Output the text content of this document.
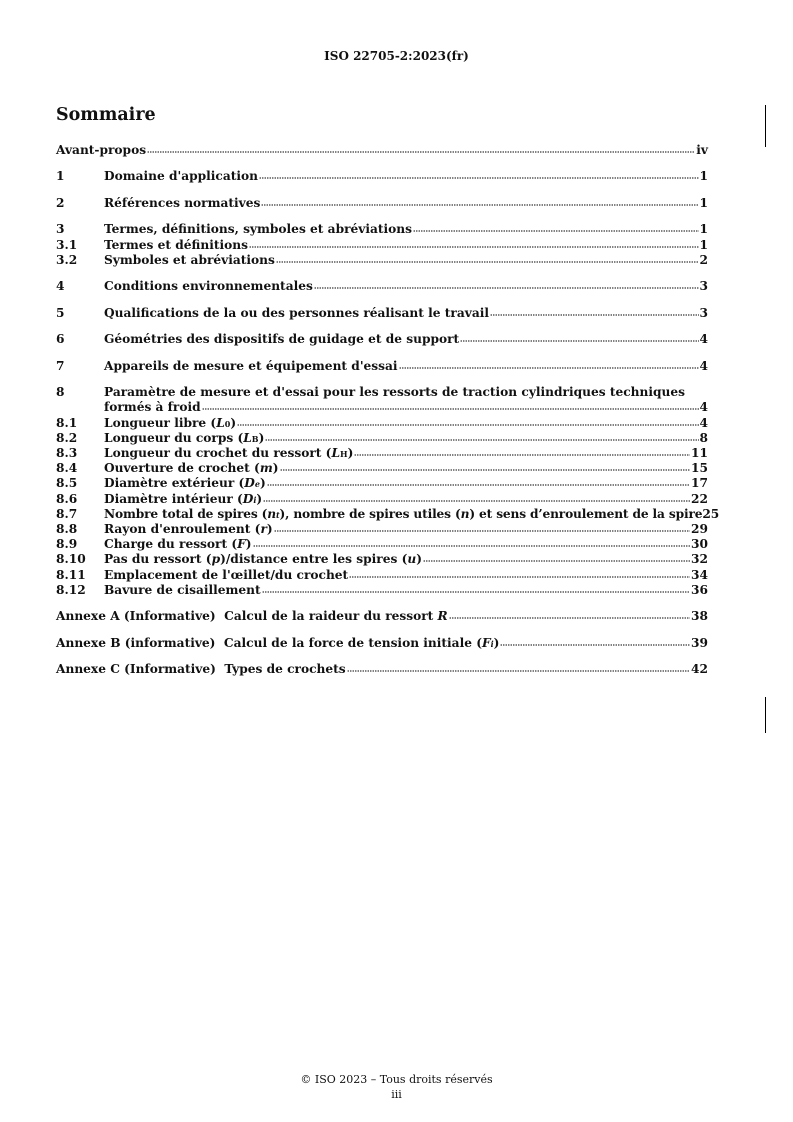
ISO 22705-2:2023(fr)
Sommaire
Avant-propos	iv
1	Domaine d'application	1
2	Références normatives	1
3	Termes, définitions, symboles et abréviations	1
3.1	Termes et définitions	1
3.2	Symboles et abréviations	2
4	Conditions environnementales	3
5	Qualifications de la ou des personnes réalisant le travail	3
6	Géométries des dispositifs de guidage et de support	4
7	Appareils de mesure et équipement d'essai	4
8	Paramètre de mesure et d'essai pour les ressorts de traction cylindriques techniques
formés à froid	4
8.1	Longueur libre (L0)	4
8.2	Longueur du corps (LB)	8
8.3	Longueur du crochet du ressort (LH)	11
8.4	Ouverture de crochet (m)	15
8.5	Diamètre extérieur (De)	17
8.6	Diamètre intérieur (Di)	22
8.7	Nombre total de spires (nt), nombre de spires utiles (n) et sens d’enroulement de la spire 25
8.8	Rayon d'enroulement (r)	29
8.9	Charge du ressort (F)	30
8.10	Pas du ressort (p)/distance entre les spires (u)	32
8.11	Emplacement de l'œillet/du crochet	34
8.12	Bavure de cisaillement	36
Annexe A (Informative)  Calcul de la raideur du ressort R	38
Annexe B (informative)  Calcul de la force de tension initiale (Fi)	39
Annexe C (Informative)  Types de crochets	42
© ISO 2023 – Tous droits réservés
iii
